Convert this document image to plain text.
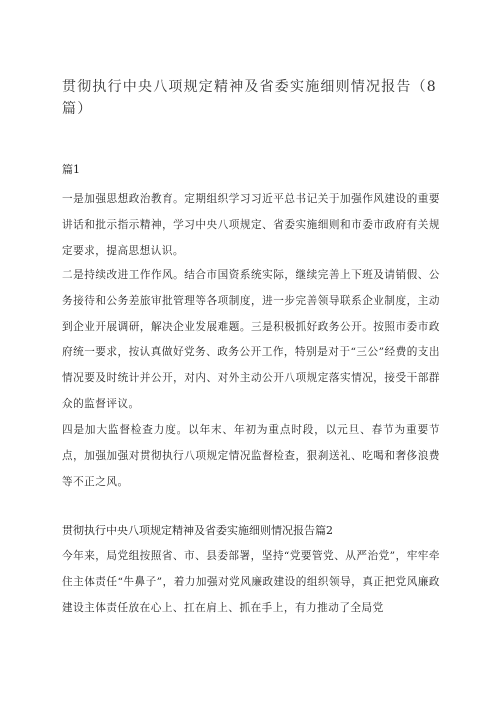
贯彻执行中央八项规定精神及省委实施细则情况报告（8篇）
篇1
一是加强思想政治教育。定期组织学习习近平总书记关于加强作风建设的重要讲话和批示指示精神，学习中央八项规定、省委实施细则和市委市政府有关规定要求，提高思想认识。
二是持续改进工作作风。结合市国资系统实际，继续完善上下班及请销假、公务接待和公务差旅审批管理等各项制度，进一步完善领导联系企业制度，主动到企业开展调研，解决企业发展难题。三是积极抓好政务公开。按照市委市政府统一要求，按认真做好党务、政务公开工作，特别是对于“三公”经费的支出情况要及时统计并公开，对内、对外主动公开八项规定落实情况，接受干部群众的监督评议。
四是加大监督检查力度。以年末、年初为重点时段，以元旦、春节为重要节点，加强加强对贯彻执行八项规定情况监督检查，狠刹送礼、吃喝和奢侈浪费等不正之风。
贯彻执行中央八项规定精神及省委实施细则情况报告篇2
今年来，局党组按照省、市、县委部署，坚持“党要管党、从严治党”，牢牢牵住主体责任“牛鼻子”，着力加强对党风廉政建设的组织领导，真正把党风廉政建设主体责任放在心上、扛在肩上、抓在手上，有力推动了全局党
